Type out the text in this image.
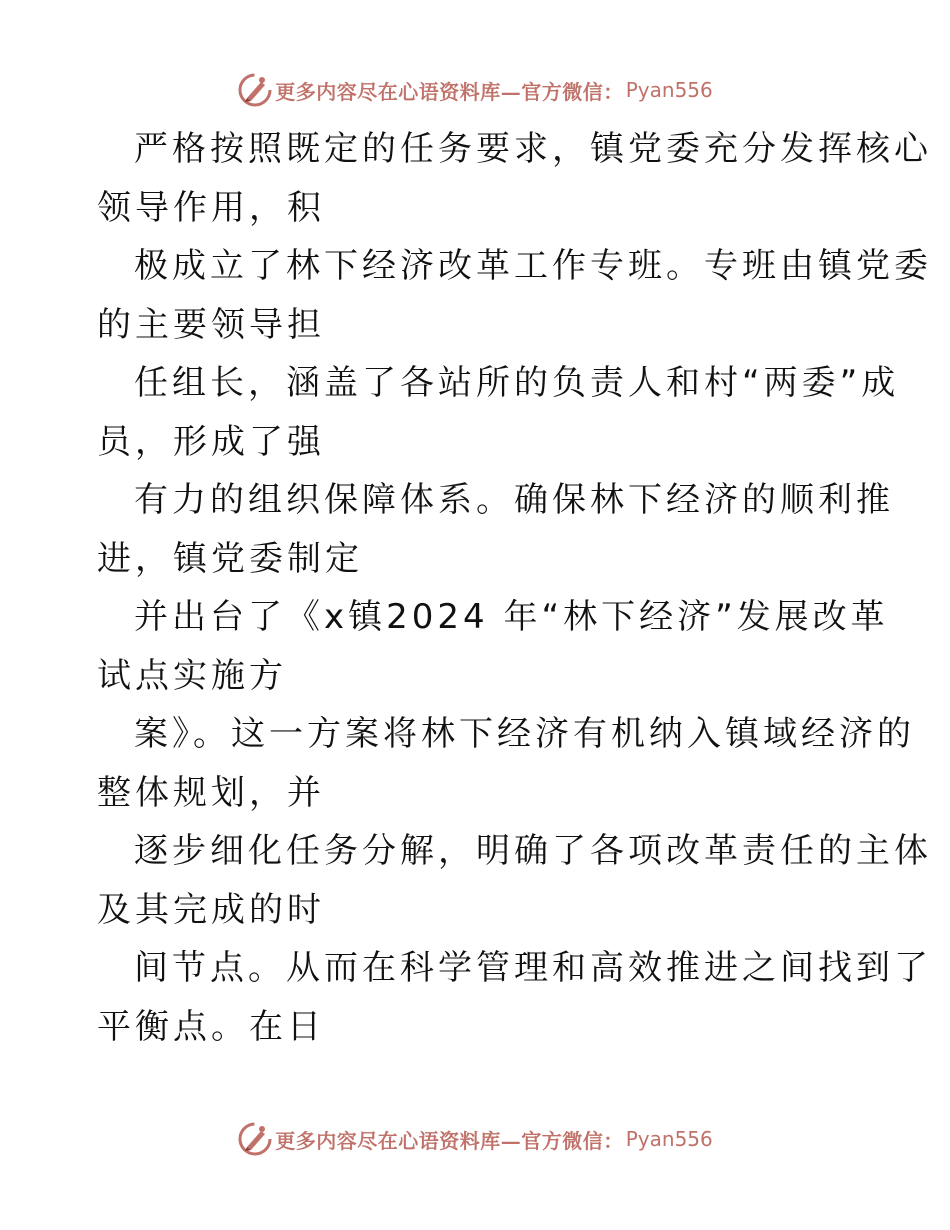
更多内容尽在心语资料库—官方微信： Pyan556
严格按照既定的任务要求，镇党委充分发挥核心
领导作用，积
极成立了林下经济改革工作专班。专班由镇党委
的主要领导担
任组长，涵盖了各站所的负责人和村“两委”成
员，形成了强
有力的组织保障体系。确保林下经济的顺利推
进，镇党委制定
并出台了《x镇2024 年“林下经济”发展改革
试点实施方
案》。这一方案将林下经济有机纳入镇域经济的
整体规划，并
逐步细化任务分解，明确了各项改革责任的主体
及其完成的时
间节点。从而在科学管理和高效推进之间找到了
平衡点。在日
更多内容尽在心语资料库—官方微信： Pyan556
